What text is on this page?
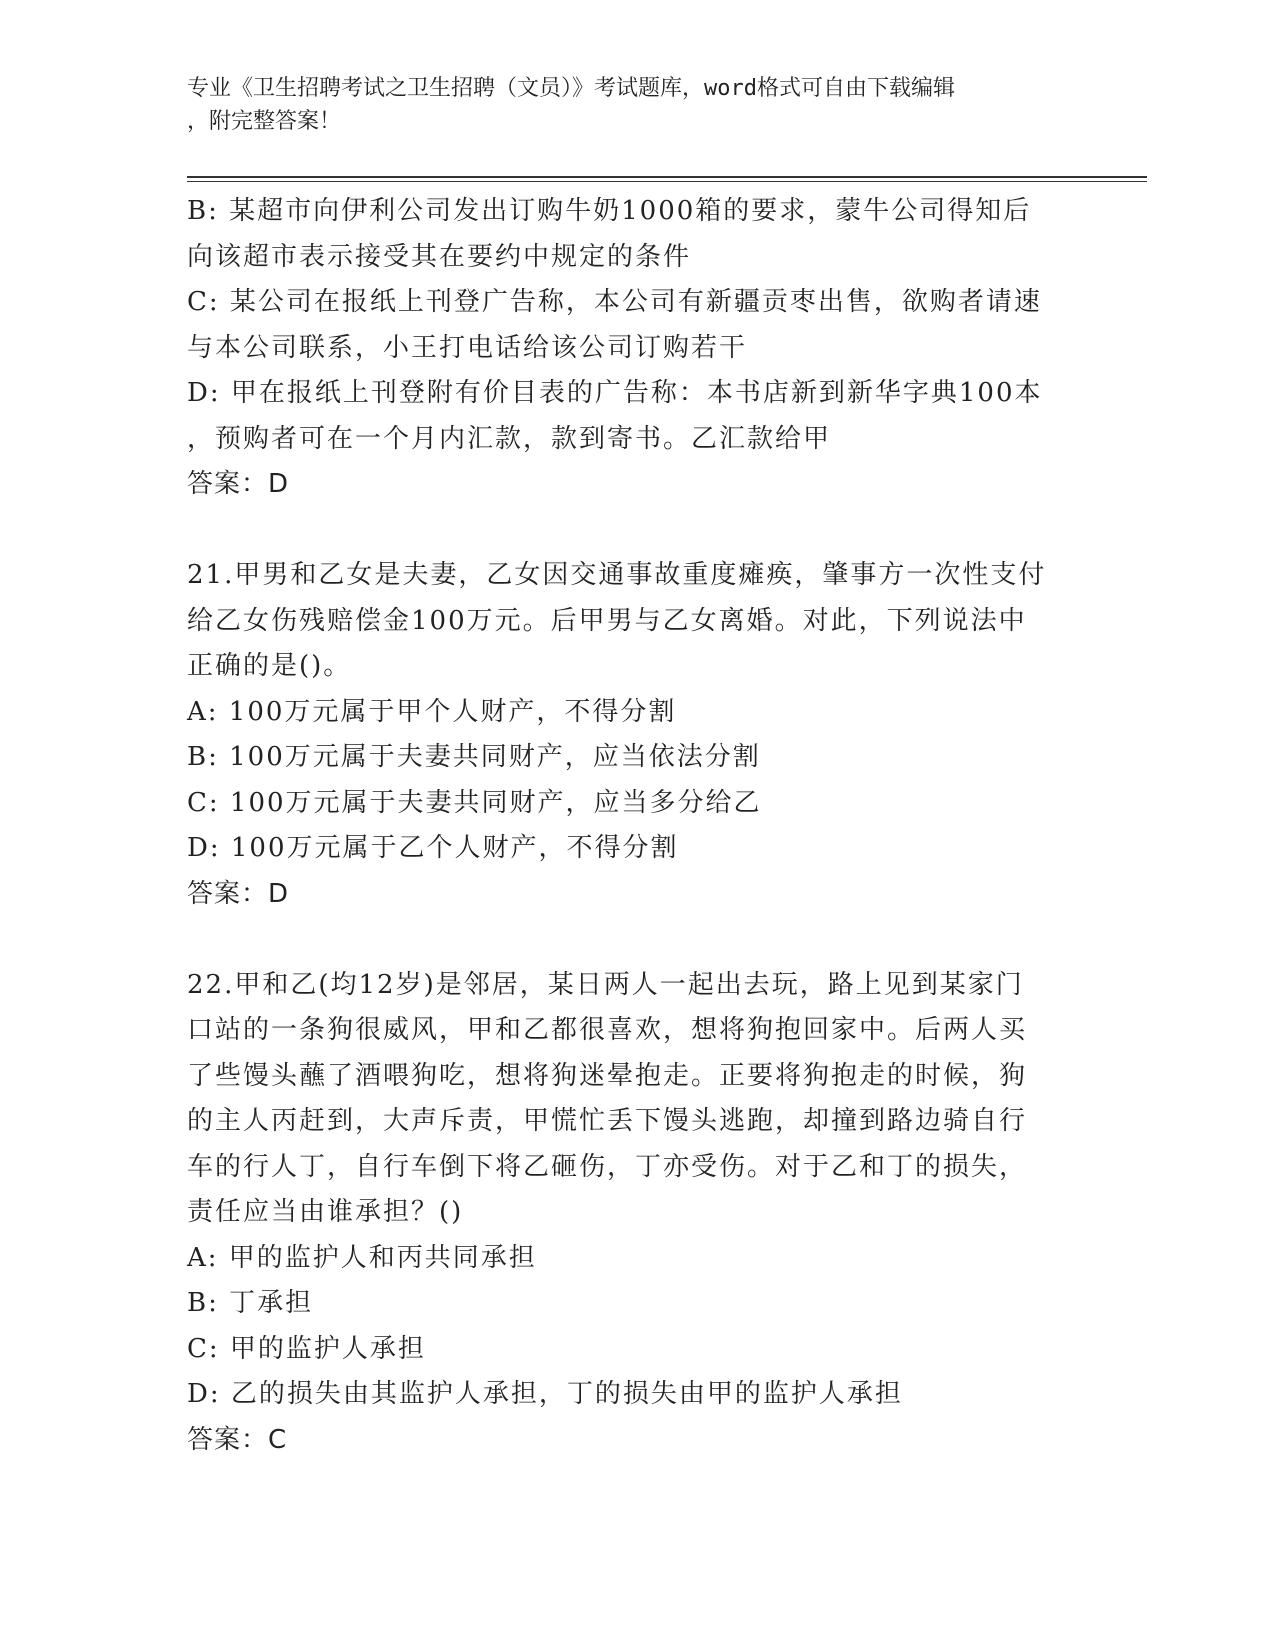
专业《卫生招聘考试之卫生招聘（文员）》考试题库，word格式可自由下载编辑
，附完整答案！
B: 某超市向伊利公司发出订购牛奶1000箱的要求，蒙牛公司得知后
向该超市表示接受其在要约中规定的条件
C: 某公司在报纸上刊登广告称，本公司有新疆贡枣出售，欲购者请速
与本公司联系，小王打电话给该公司订购若干
D: 甲在报纸上刊登附有价目表的广告称：本书店新到新华字典100本
，预购者可在一个月内汇款，款到寄书。乙汇款给甲
答案：D
21.甲男和乙女是夫妻，乙女因交通事故重度瘫痪，肇事方一次性支付
给乙女伤残赔偿金100万元。后甲男与乙女离婚。对此，下列说法中
正确的是()。
A: 100万元属于甲个人财产，不得分割
B: 100万元属于夫妻共同财产，应当依法分割
C: 100万元属于夫妻共同财产，应当多分给乙
D: 100万元属于乙个人财产，不得分割
答案：D
22.甲和乙(均12岁)是邻居，某日两人一起出去玩，路上见到某家门
口站的一条狗很威风，甲和乙都很喜欢，想将狗抱回家中。后两人买
了些馒头蘸了酒喂狗吃，想将狗迷晕抱走。正要将狗抱走的时候，狗
的主人丙赶到，大声斥责，甲慌忙丢下馒头逃跑，却撞到路边骑自行
车的行人丁，自行车倒下将乙砸伤，丁亦受伤。对于乙和丁的损失，
责任应当由谁承担？()
A: 甲的监护人和丙共同承担
B: 丁承担
C: 甲的监护人承担
D: 乙的损失由其监护人承担，丁的损失由甲的监护人承担
答案：C
